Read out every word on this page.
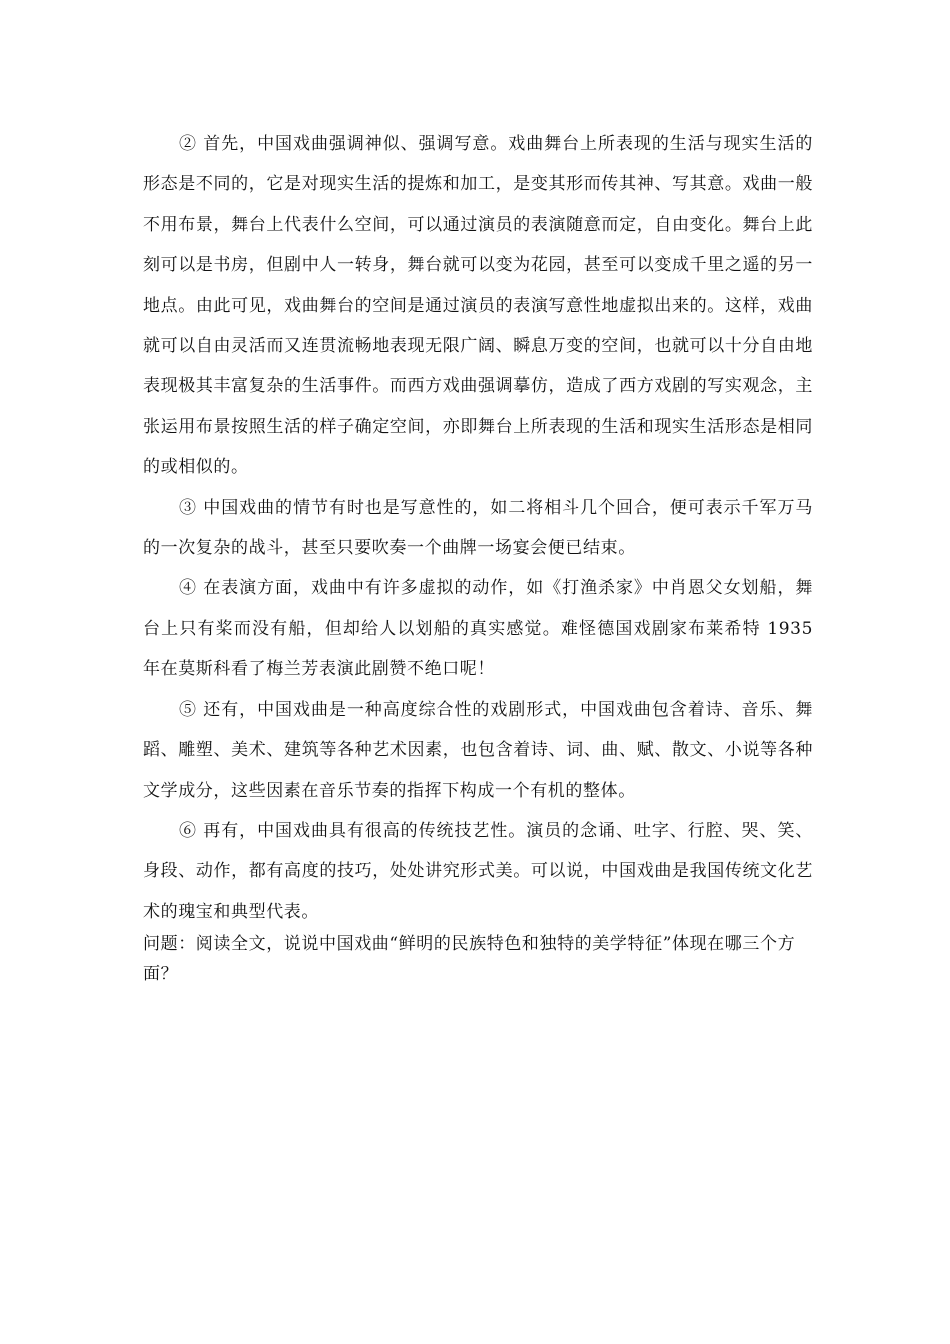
② 首先，中国戏曲强调神似、强调写意。戏曲舞台上所表现的生活与现实生活的形态是不同的，它是对现实生活的提炼和加工，是变其形而传其神、写其意。戏曲一般不用布景，舞台上代表什么空间，可以通过演员的表演随意而定，自由变化。舞台上此刻可以是书房，但剧中人一转身，舞台就可以变为花园，甚至可以变成千里之遥的另一地点。由此可见，戏曲舞台的空间是通过演员的表演写意性地虚拟出来的。这样，戏曲就可以自由灵活而又连贯流畅地表现无限广阔、瞬息万变的空间，也就可以十分自由地表现极其丰富复杂的生活事件。而西方戏曲强调摹仿，造成了西方戏剧的写实观念，主张运用布景按照生活的样子确定空间，亦即舞台上所表现的生活和现实生活形态是相同的或相似的。

③ 中国戏曲的情节有时也是写意性的，如二将相斗几个回合，便可表示千军万马的一次复杂的战斗，甚至只要吹奏一个曲牌一场宴会便已结束。

④ 在表演方面，戏曲中有许多虚拟的动作，如《打渔杀家》中肖恩父女划船，舞台上只有桨而没有船，但却给人以划船的真实感觉。难怪德国戏剧家布莱希特 1935 年在莫斯科看了梅兰芳表演此剧赞不绝口呢！

⑤ 还有，中国戏曲是一种高度综合性的戏剧形式，中国戏曲包含着诗、音乐、舞蹈、雕塑、美术、建筑等各种艺术因素，也包含着诗、词、曲、赋、散文、小说等各种文学成分，这些因素在音乐节奏的指挥下构成一个有机的整体。

⑥ 再有，中国戏曲具有很高的传统技艺性。演员的念诵、吐字、行腔、哭、笑、身段、动作，都有高度的技巧，处处讲究形式美。可以说，中国戏曲是我国传统文化艺术的瑰宝和典型代表。

问题：阅读全文，说说中国戏曲“鲜明的民族特色和独特的美学特征”体现在哪三个方面？
